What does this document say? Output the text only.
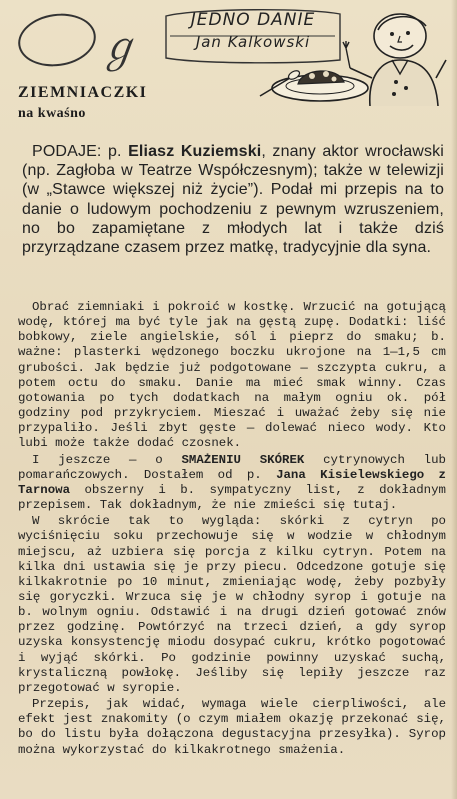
ℊ
JEDNO DANIE
Jan Kalkowski
ZIEMNIACZKI
na kwaśno
PODAJE: p. Eliasz Kuziemski, znany aktor wrocławski (np. Zagłoba w Teatrze Współczesnym); także w telewizji (w „Stawce większej niż życie”). Podał mi przepis na to danie o ludowym pochodzeniu z pewnym wzruszeniem, no bo zapamiętane z młodych lat i także dziś przyrządzane czasem przez matkę, tradycyjnie dla syna.

Obrać ziemniaki i pokroić w kostkę. Wrzucić na gotującą wodę, której ma być tyle jak na gęstą zupę. Dodatki: liść bobkowy, ziele angielskie, sól i pieprz do smaku; b. ważne: plasterki wędzonego boczku ukrojone na 1—1,5 cm grubości. Jak będzie już podgotowane — szczypta cukru, a potem octu do smaku. Danie ma mieć smak winny. Czas gotowania po tych dodatkach na małym ogniu ok. pół godziny pod przykryciem. Mieszać i uważać żeby się nie przypaliło. Jeśli zbyt gęste — dolewać nieco wody. Kto lubi może także dodać czosnek.

I jeszcze — o SMAŻENIU SKÓREK cytrynowych lub pomarańczowych. Dostałem od p. Jana Kisielewskiego z Tarnowa obszerny i b. sympatyczny list, z dokładnym przepisem. Tak dokładnym, że nie zmieści się tutaj.

W skrócie tak to wygląda: skórki z cytryn po wyciśnięciu soku przechowuje się w wodzie w chłodnym miejscu, aż uzbiera się porcja z kilku cytryn. Potem na kilka dni ustawia się je przy piecu. Odcedzone gotuje się kilkakrotnie po 10 minut, zmieniając wodę, żeby pozbyły się goryczki. Wrzuca się je w chłodny syrop i gotuje na b. wolnym ogniu. Odstawić i na drugi dzień gotować znów przez godzinę. Powtórzyć na trzeci dzień, a gdy syrop uzyska konsystencję miodu dosypać cukru, krótko pogotować i wyjąć skórki. Po godzinie powinny uzyskać suchą, krystaliczną powłokę. Jeśliby się lepiły jeszcze raz przegotować w syropie.

Przepis, jak widać, wymaga wiele cierpliwości, ale efekt jest znakomity (o czym miałem okazję przekonać się, bo do listu była dołączona degustacyjna przesyłka). Syrop można wykorzystać do kilkakrotnego smażenia.
